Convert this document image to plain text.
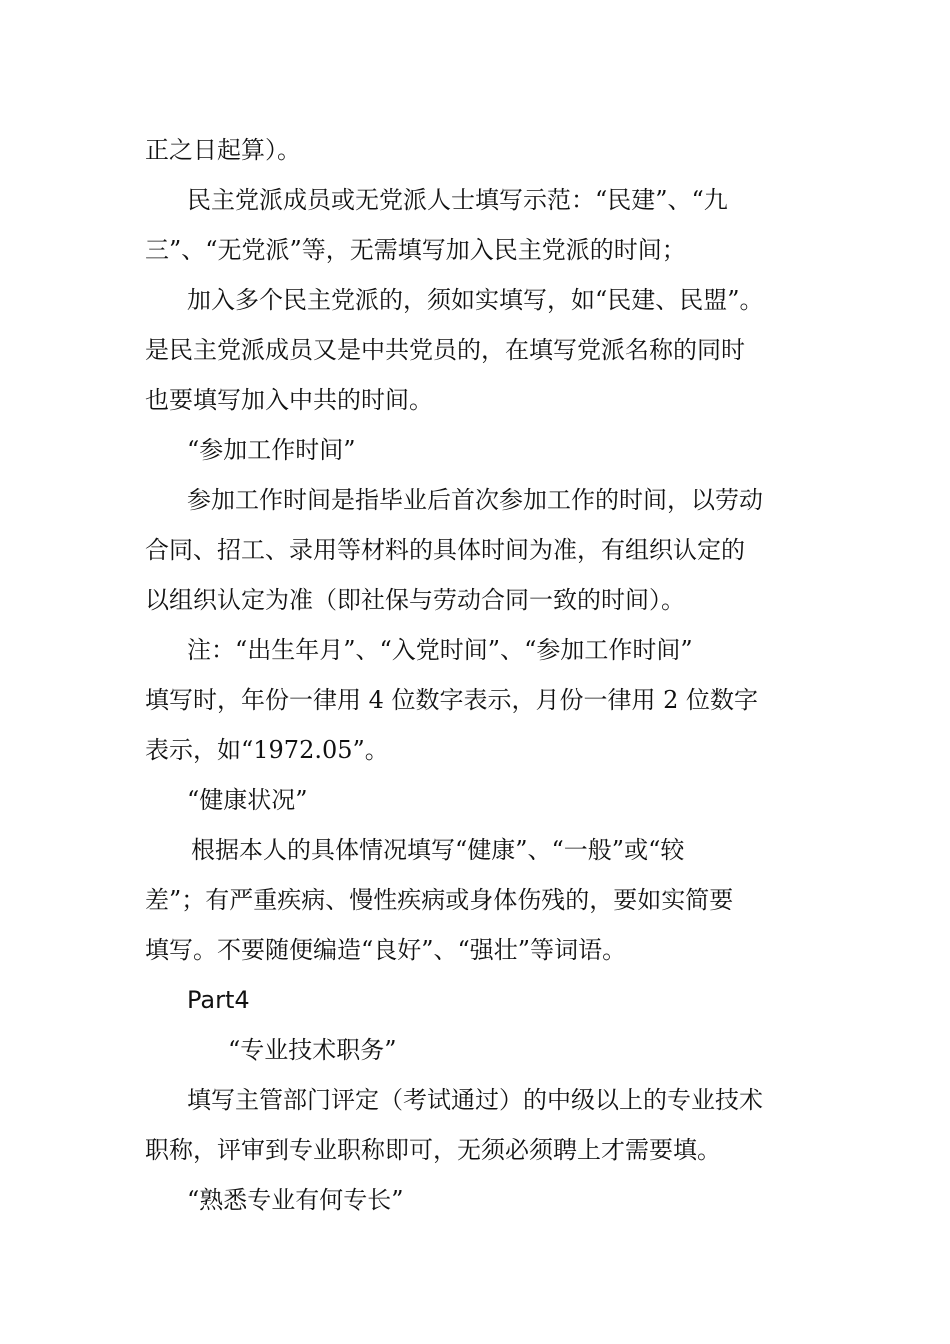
正之日起算）。
民主党派成员或无党派人士填写示范：“民建”、“九
三”、“无党派”等，无需填写加入民主党派的时间；
加入多个民主党派的，须如实填写，如“民建、民盟”。
是民主党派成员又是中共党员的，在填写党派名称的同时
也要填写加入中共的时间。
“参加工作时间”
参加工作时间是指毕业后首次参加工作的时间，以劳动
合同、招工、录用等材料的具体时间为准，有组织认定的
以组织认定为准（即社保与劳动合同一致的时间）。
注：“出生年月”、“入党时间”、“参加工作时间”
填写时，年份一律用 4 位数字表示，月份一律用 2 位数字
表示，如“1972.05”。
“健康状况”
根据本人的具体情况填写“健康”、“一般”或“较
差”；有严重疾病、慢性疾病或身体伤残的，要如实简要
填写。不要随便编造“良好”、“强壮”等词语。
Part4
“专业技术职务”
填写主管部门评定（考试通过）的中级以上的专业技术
职称，评审到专业职称即可，无须必须聘上才需要填。
“熟悉专业有何专长”
